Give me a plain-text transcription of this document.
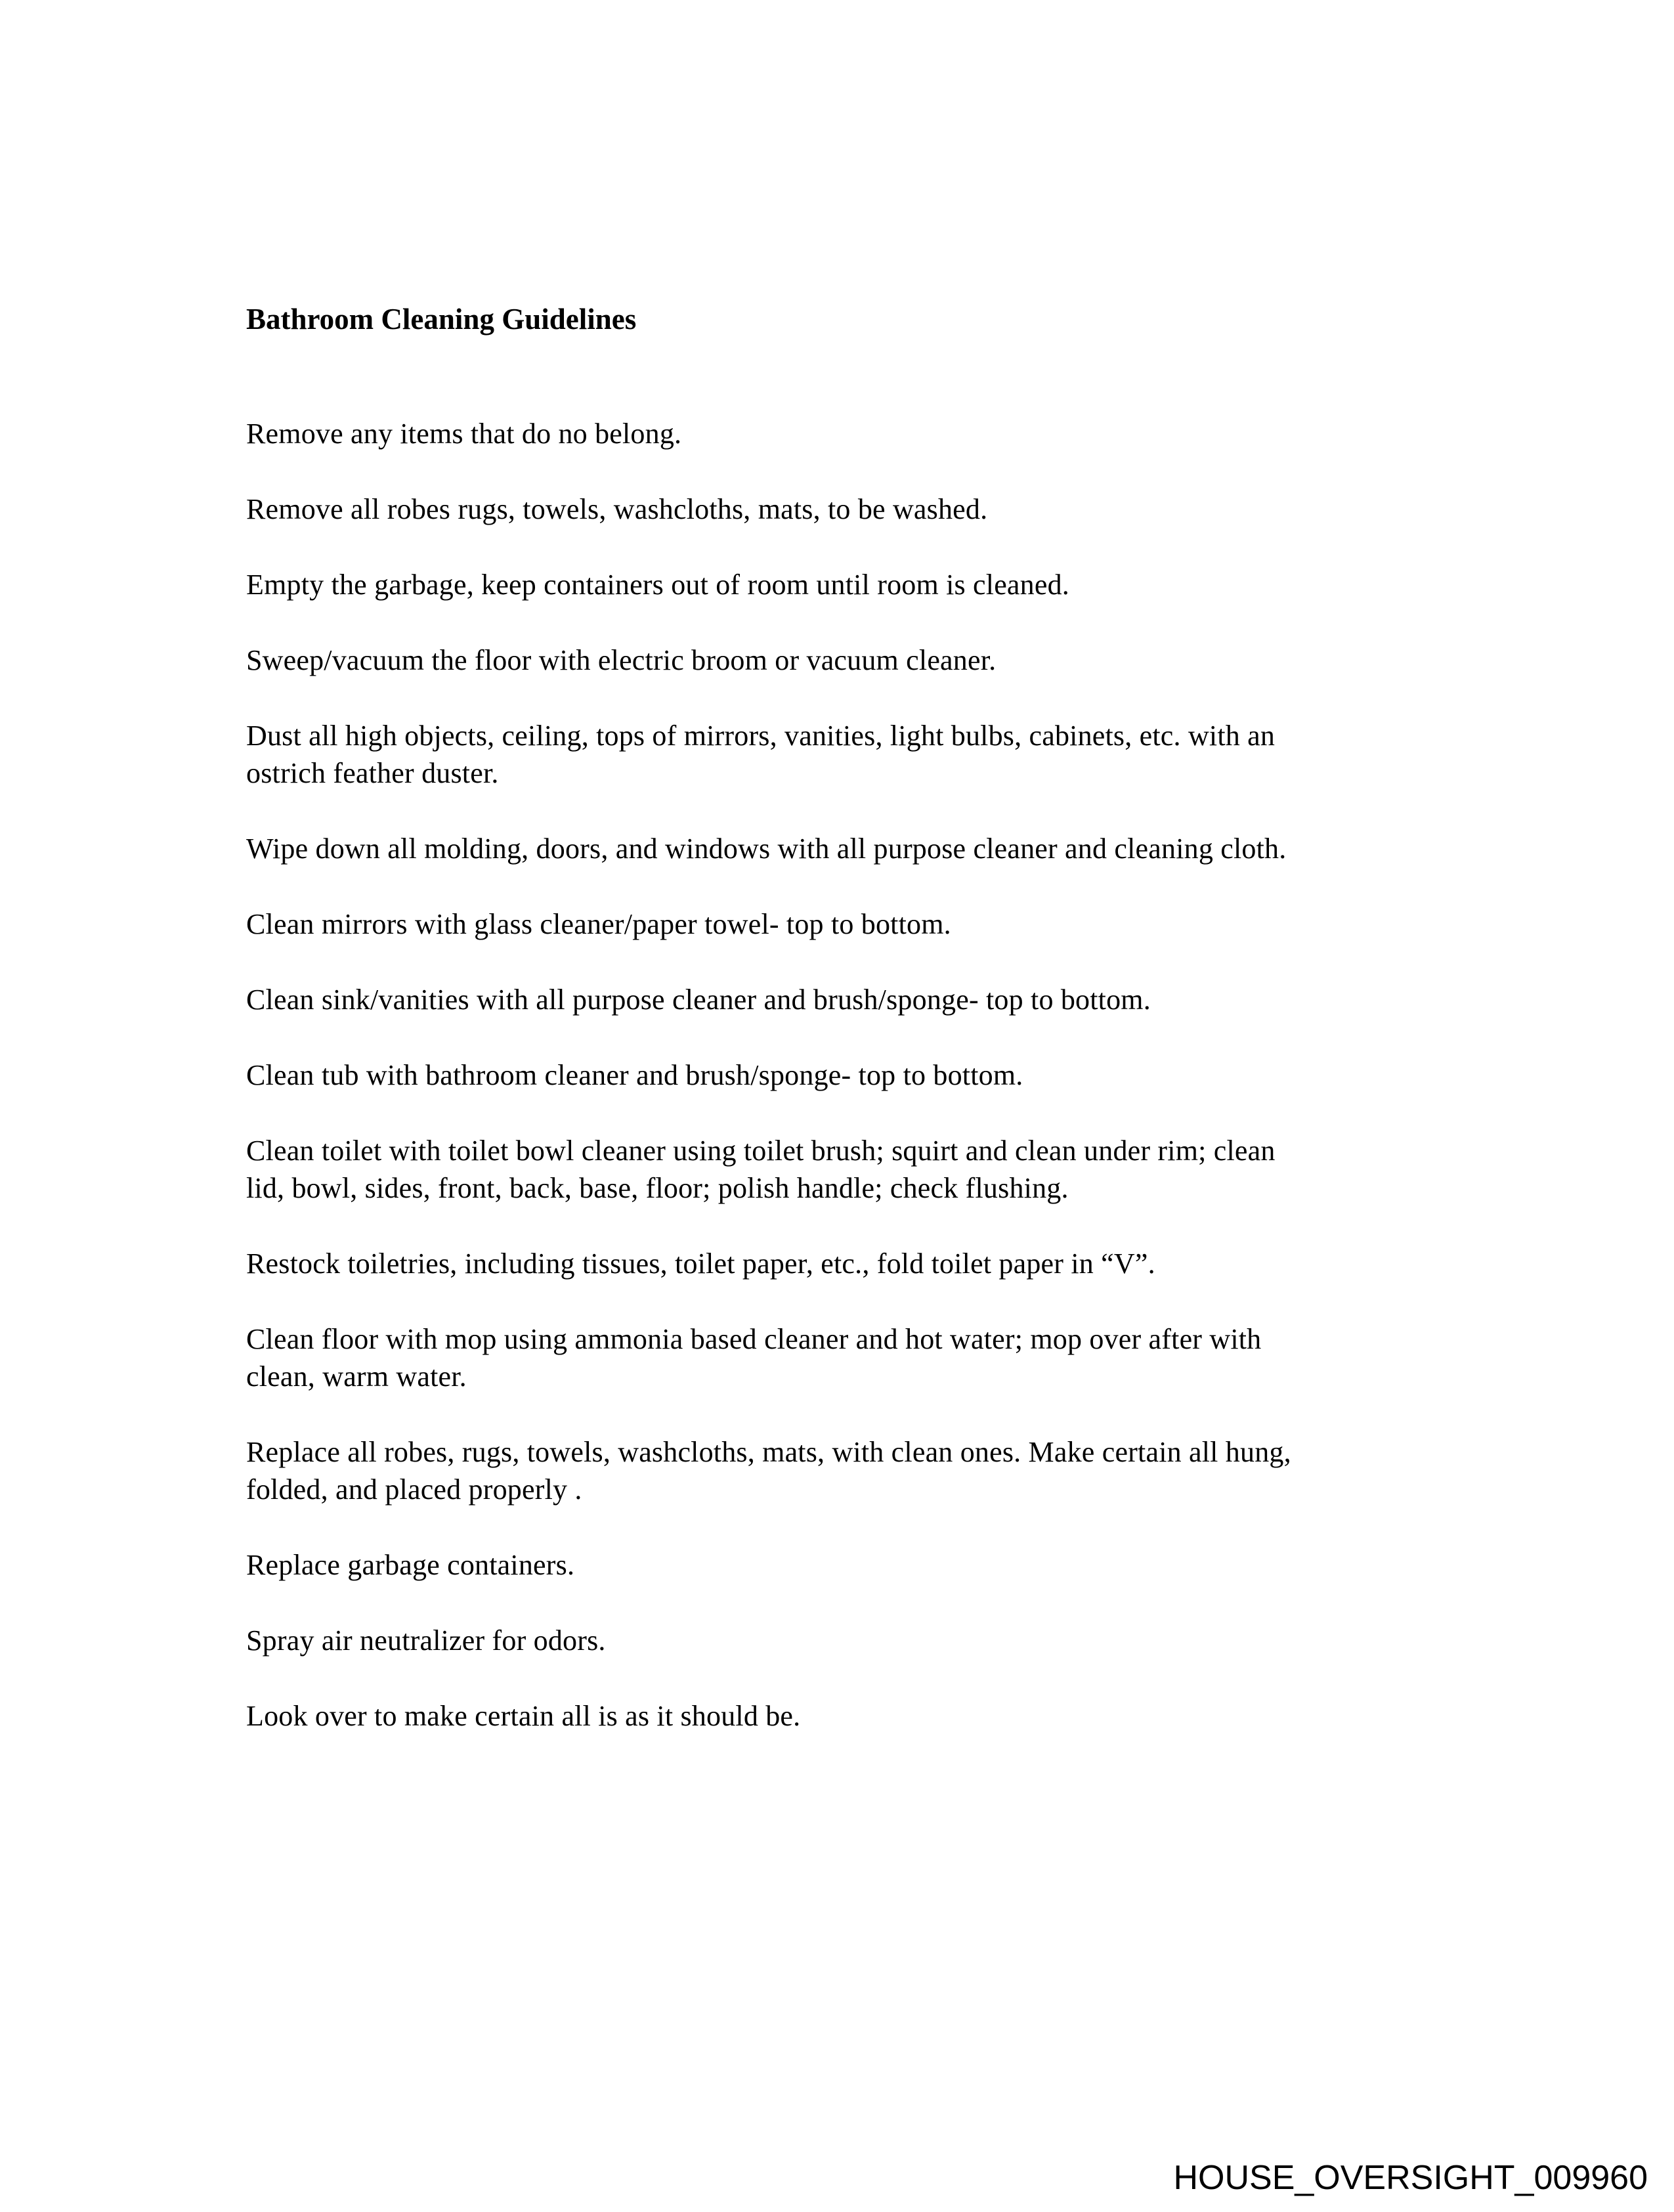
Bathroom Cleaning Guidelines

Remove any items that do no belong.

Remove all robes rugs, towels, washcloths, mats, to be washed.

Empty the garbage, keep containers out of room until room is cleaned.

Sweep/vacuum the floor with electric broom or vacuum cleaner.

Dust all high objects, ceiling, tops of mirrors, vanities, light bulbs, cabinets, etc. with an
ostrich feather duster.

Wipe down all molding, doors, and windows with all purpose cleaner and cleaning cloth.

Clean mirrors with glass cleaner/paper towel- top to bottom.

Clean sink/vanities with all purpose cleaner and brush/sponge- top to bottom.

Clean tub with bathroom cleaner and brush/sponge- top to bottom.

Clean toilet with toilet bowl cleaner using toilet brush; squirt and clean under rim; clean
lid, bowl, sides, front, back, base, floor; polish handle; check flushing.

Restock toiletries, including tissues, toilet paper, etc., fold toilet paper in “V”.

Clean floor with mop using ammonia based cleaner and hot water; mop over after with
clean, warm water.

Replace all robes, rugs, towels, washcloths, mats, with clean ones. Make certain all hung,
folded, and placed properly .

Replace garbage containers.

Spray air neutralizer for odors.

Look over to make certain all is as it should be.

HOUSE_OVERSIGHT_009960
